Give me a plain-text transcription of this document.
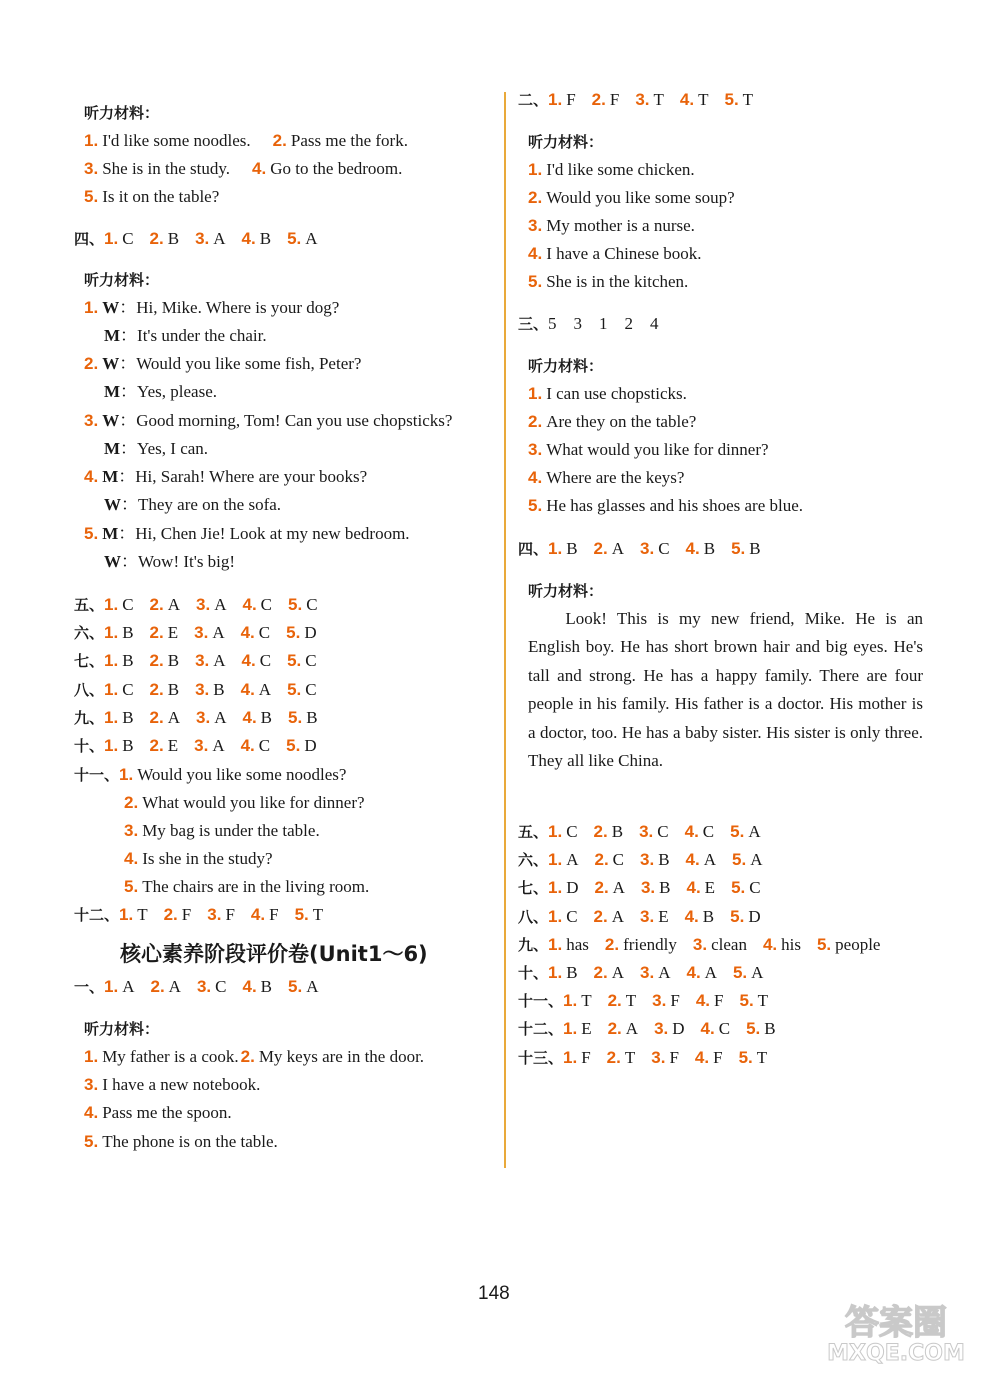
听力材料：
1. I'd like some noodles. 2. Pass me the fork.
3. She is in the study. 4. Go to the bedroom.
5. Is it on the table?
四、1. C 2. B 3. A 4. B 5. A
听力材料：
1. W：Hi, Mike. Where is your dog?
M：It's under the chair.
2. W：Would you like some fish, Peter?
M：Yes, please.
3. W：Good morning, Tom! Can you use chopsticks?
M：Yes, I can.
4. M：Hi, Sarah! Where are your books?
W：They are on the sofa.
5. M：Hi, Chen Jie! Look at my new bedroom.
W：Wow! It's big!
五、1. C 2. A 3. A 4. C 5. C
六、1. B 2. E 3. A 4. C 5. D
七、1. B 2. B 3. A 4. C 5. C
八、1. C 2. B 3. B 4. A 5. C
九、1. B 2. A 3. A 4. B 5. B
十、1. B 2. E 3. A 4. C 5. D
十一、1. Would you like some noodles?
2. What would you like for dinner?
3. My bag is under the table.
4. Is she in the study?
5. The chairs are in the living room.
十二、1. T 2. F 3. F 4. F 5. T
核心素养阶段评价卷(Unit1～6)
一、1. A 2. A 3. C 4. B 5. A
听力材料：
1. My father is a cook. 2. My keys are in the door.
3. I have a new notebook.
4. Pass me the spoon.
5. The phone is on the table.
二、1. F 2. F 3. T 4. T 5. T
听力材料：
1. I'd like some chicken.
2. Would you like some soup?
3. My mother is a nurse.
4. I have a Chinese book.
5. She is in the kitchen.
三、5    3    1    2    4
听力材料：
1. I can use chopsticks.
2. Are they on the table?
3. What would you like for dinner?
4. Where are the keys?
5. He has glasses and his shoes are blue.
四、1. B 2. A 3. C 4. B 5. B
听力材料：
Look! This is my new friend, Mike. He is an English boy. He has short brown hair and big eyes. He's tall and strong. He has a happy family. There are four people in his family. His father is a doctor. His mother is a doctor, too. He has a baby sister. His sister is only three. They all like China.
五、1. C 2. B 3. C 4. C 5. A
六、1. A 2. C 3. B 4. A 5. A
七、1. D 2. A 3. B 4. E 5. C
八、1. C 2. A 3. E 4. B 5. D
九、1. has 2. friendly 3. clean 4. his 5. people
十、1. B 2. A 3. A 4. A 5. A
十一、1. T 2. T 3. F 4. F 5. T
十二、1. E 2. A 3. D 4. C 5. B
十三、1. F 2. T 3. F 4. F 5. T
148
答案圈
MXQE.COM
